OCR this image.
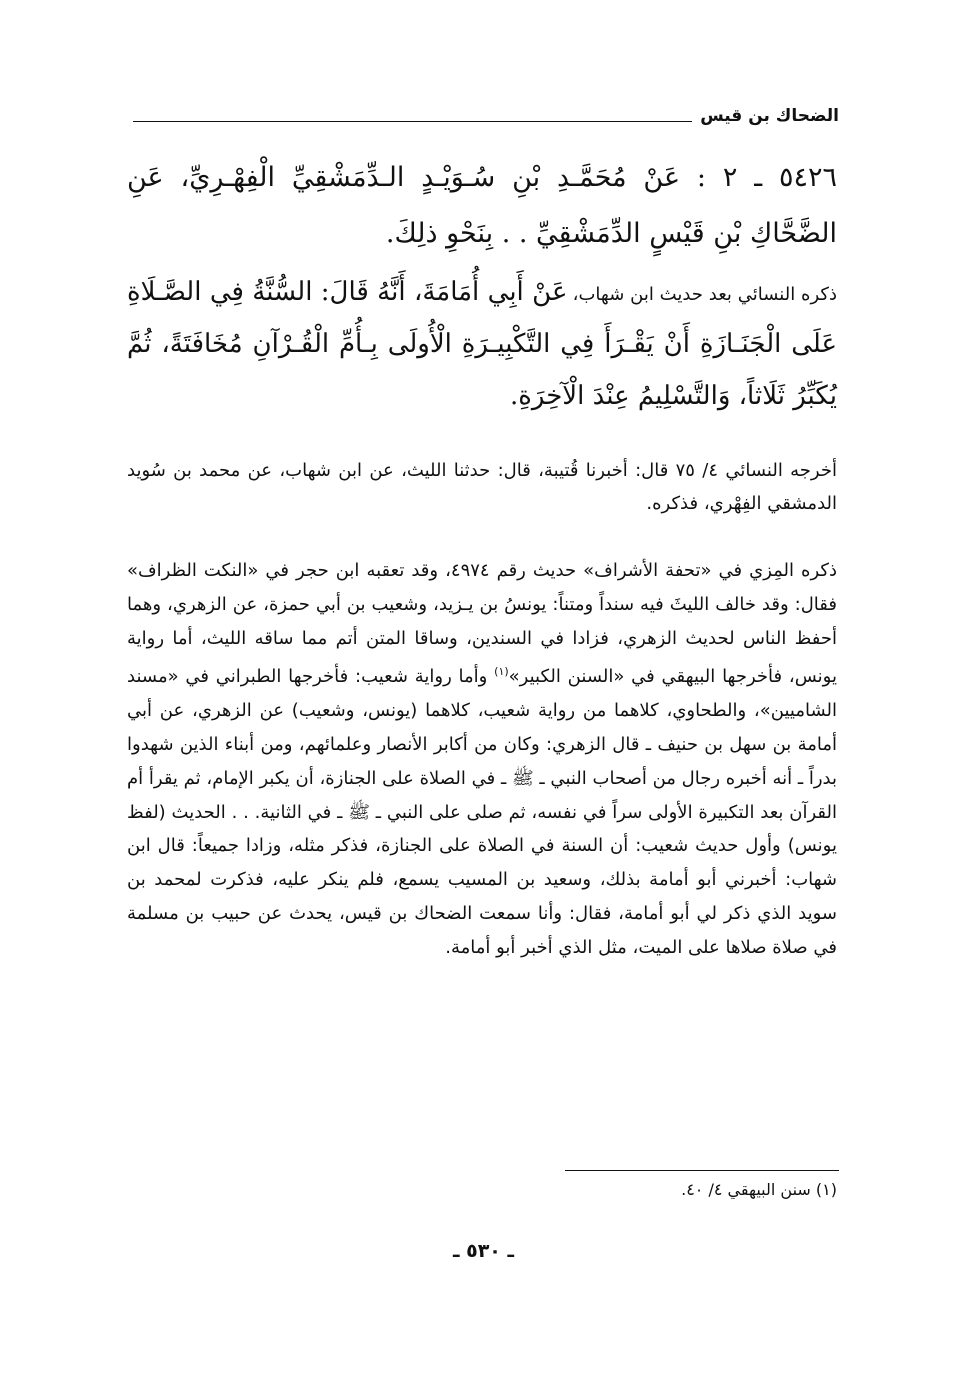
الضحاك بن قيس
٥٤٢٦ ـ ٢ : عَنْ مُحَمَّـدِ بْنِ سُـوَيْـدٍ الـدِّمَشْقِيِّ الْفِهْـرِيِّ، عَنِ الضَّحَّاكِ بْنِ قَيْسٍ الدِّمَشْقِيِّ . . بِنَحْوِ ذلِكَ.
ذكره النسائي بعد حديث ابن شهاب، عَنْ أَبِي أُمَامَةَ، أَنَّهُ قَالَ: السُّنَّةُ فِي الصَّـلَاةِ عَلَى الْجَنَـازَةِ أَنْ يَقْـرَأَ فِي التَّكْبِيـرَةِ الْأُولَى بِـأُمِّ الْقُـرْآنِ مُخَافَتَةً، ثُمَّ يُكَبِّرُ ثَلَاثاً، وَالتَّسْلِيمُ عِنْدَ الْآخِرَةِ.
أخرجه النسائي ٤/ ٧٥ قال: أخبرنا قُتيبة، قال: حدثنا الليث، عن ابن شهاب، عن محمد بن سُويد الدمشقي الفِهْري، فذكره.
ذكره المِزي في «تحفة الأشراف» حديث رقم ٤٩٧٤، وقد تعقبه ابن حجر في «النكت الظراف» فقال: وقد خالف الليثَ فيه سنداً ومتناً: يونسُ بن يـزيد، وشعيب بن أبي حمزة، عن الزهري، وهما أحفظ الناس لحديث الزهري، فزادا في السندين، وساقا المتن أتم مما ساقه الليث، أما رواية يونس، فأخرجها البيهقي في «السنن الكبير»$^{(١)}$ وأما رواية شعيب: فأخرجها الطبراني في «مسند الشاميين»، والطحاوي، كلاهما من رواية شعيب، كلاهما (يونس، وشعيب) عن الزهري، عن أبي أمامة بن سهل بن حنيف ـ قال الزهري: وكان من أكابر الأنصار وعلمائهم، ومن أبناء الذين شهدوا بدراً ـ أنه أخبره رجال من أصحاب النبي ـ ﷺ ـ في الصلاة على الجنازة، أن يكبر الإمام، ثم يقرأ أم القرآن بعد التكبيرة الأولى سراً في نفسه، ثم صلى على النبي ـ ﷺ ـ في الثانية. . . الحديث (لفظ يونس) وأول حديث شعيب: أن السنة في الصلاة على الجنازة، فذكر مثله، وزادا جميعاً: قال ابن شهاب: أخبرني أبو أمامة بذلك، وسعيد بن المسيب يسمع، فلم ينكر عليه، فذكرت لمحمد بن سويد الذي ذكر لي أبو أمامة، فقال: وأنا سمعت الضحاك بن قيس، يحدث عن حبيب بن مسلمة في صلاة صلاها على الميت، مثل الذي أخبر أبو أمامة.
(١) سنن البيهقي ٤/ ٤٠.
ـ ٥٣٠ ـ
